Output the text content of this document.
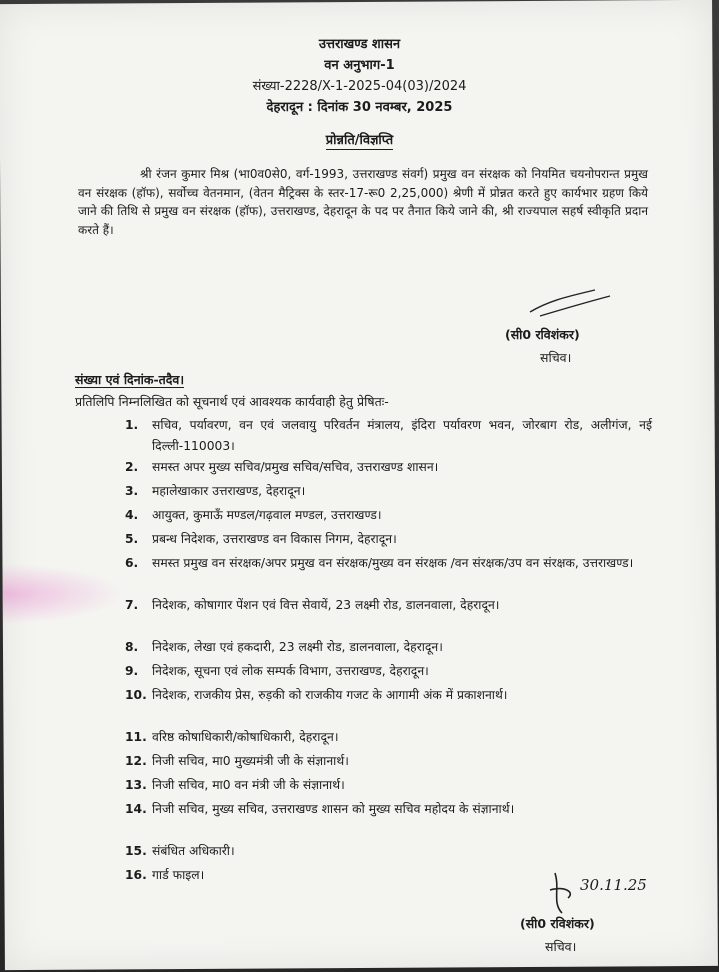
उत्तराखण्ड शासन
वन अनुभाग-1
संख्या-2228/X-1-2025-04(03)/2024
देहरादून : दिनांक 30 नवम्बर, 2025
प्रोन्नति/विज्ञप्ति
श्री रंजन कुमार मिश्र (भा0व0से0, वर्ग-1993, उत्तराखण्ड संवर्ग) प्रमुख वन संरक्षक को नियमित चयनोपरान्त प्रमुख वन संरक्षक (हॉफ), सर्वोच्च वेतनमान, (वेतन मैट्रिक्स के स्तर-17-रू0 2,25,000) श्रेणी में प्रोन्नत करते हुए कार्यभार ग्रहण किये जाने की तिथि से प्रमुख वन संरक्षक (हॉफ), उत्तराखण्ड, देहरादून के पद पर तैनात किये जाने की, श्री राज्यपाल सहर्ष स्वीकृति प्रदान करते हैं।
(सी0 रविशंकर)
सचिव।
संख्या एवं दिनांक-तदैव।
प्रतिलिपि निम्नलिखित को सूचनार्थ एवं आवश्यक कार्यवाही हेतु प्रेषितः-
1. सचिव, पर्यावरण, वन एवं जलवायु परिवर्तन मंत्रालय, इंदिरा पर्यावरण भवन, जोरबाग रोड, अलीगंज, नई दिल्ली-110003।
2. समस्त अपर मुख्य सचिव/प्रमुख सचिव/सचिव, उत्तराखण्ड शासन।
3. महालेखाकार उत्तराखण्ड, देहरादून।
4. आयुक्त, कुमाऊँ मण्डल/गढ़वाल मण्डल, उत्तराखण्ड।
5. प्रबन्ध निदेशक, उत्तराखण्ड वन विकास निगम, देहरादून।
6. समस्त प्रमुख वन संरक्षक/अपर प्रमुख वन संरक्षक/मुख्य वन संरक्षक /वन संरक्षक/उप वन संरक्षक, उत्तराखण्ड।
7. निदेशक, कोषागार पेंशन एवं वित्त सेवायें, 23 लक्ष्मी रोड, डालनवाला, देहरादून।
8. निदेशक, लेखा एवं हकदारी, 23 लक्ष्मी रोड, डालनवाला, देहरादून।
9. निदेशक, सूचना एवं लोक सम्पर्क विभाग, उत्तराखण्ड, देहरादून।
10. निदेशक, राजकीय प्रेस, रुड़की को राजकीय गजट के आगामी अंक में प्रकाशनार्थ।
11. वरिष्ठ कोषाधिकारी/कोषाधिकारी, देहरादून।
12. निजी सचिव, मा0 मुख्यमंत्री जी के संज्ञानार्थ।
13. निजी सचिव, मा0 वन मंत्री जी के संज्ञानार्थ।
14. निजी सचिव, मुख्य सचिव, उत्तराखण्ड शासन को मुख्य सचिव महोदय के संज्ञानार्थ।
15. संबंधित अधिकारी।
16. गार्ड फाइल।
30.11.25
(सी0 रविशंकर)
सचिव।
